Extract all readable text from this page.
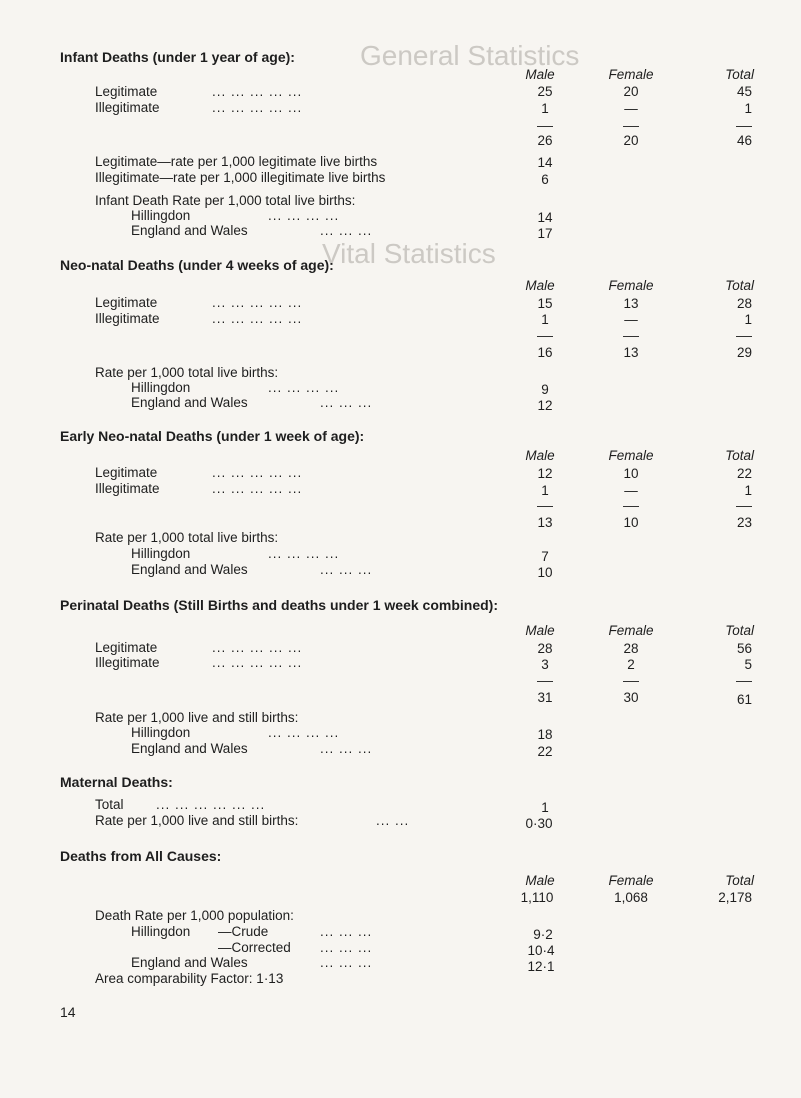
General Statistics
Vital Statistics
Infant Deaths (under 1 year of age):
Male	Female	Total
Legitimate	... ... ... ... ...	25	20	45
Illegitimate	... ... ... ... ...	1	—	1
26	20	46
Legitimate—rate per 1,000 legitimate live births	14
Illegitimate—rate per 1,000 illegitimate live births	6
Infant Death Rate per 1,000 total live births:
Hillingdon	... ... ... ...	14
England and Wales	... ... ...	17
Neo-natal Deaths (under 4 weeks of age):
Male	Female	Total
Legitimate	... ... ... ... ...	15	13	28
Illegitimate	... ... ... ... ...	1	—	1
16	13	29
Rate per 1,000 total live births:
Hillingdon	... ... ... ...	9
England and Wales	... ... ...	12
Early Neo-natal Deaths (under 1 week of age):
Male	Female	Total
Legitimate	... ... ... ... ...	12	10	22
Illegitimate	... ... ... ... ...	1	—	1
13	10	23
Rate per 1,000 total live births:
Hillingdon	... ... ... ...	7
England and Wales	... ... ...	10
Perinatal Deaths (Still Births and deaths under 1 week combined):
Male	Female	Total
Legitimate	... ... ... ... ...	28	28	56
Illegitimate	... ... ... ... ...	3	2	5
31	30	61
Rate per 1,000 live and still births:
Hillingdon	... ... ... ...	18
England and Wales	... ... ...	22
Maternal Deaths:
Total ... ... ... ... ... ...	1
Rate per 1,000 live and still births:	... ...	0·30
Deaths from All Causes:
Male	Female	Total
1,110	1,068	2,178
Death Rate per 1,000 population:
Hillingdon —Crude	... ... ...	9·2
—Corrected ... ... ...	10·4
England and Wales	... ... ...	12·1
Area comparability Factor: 1·13
14
